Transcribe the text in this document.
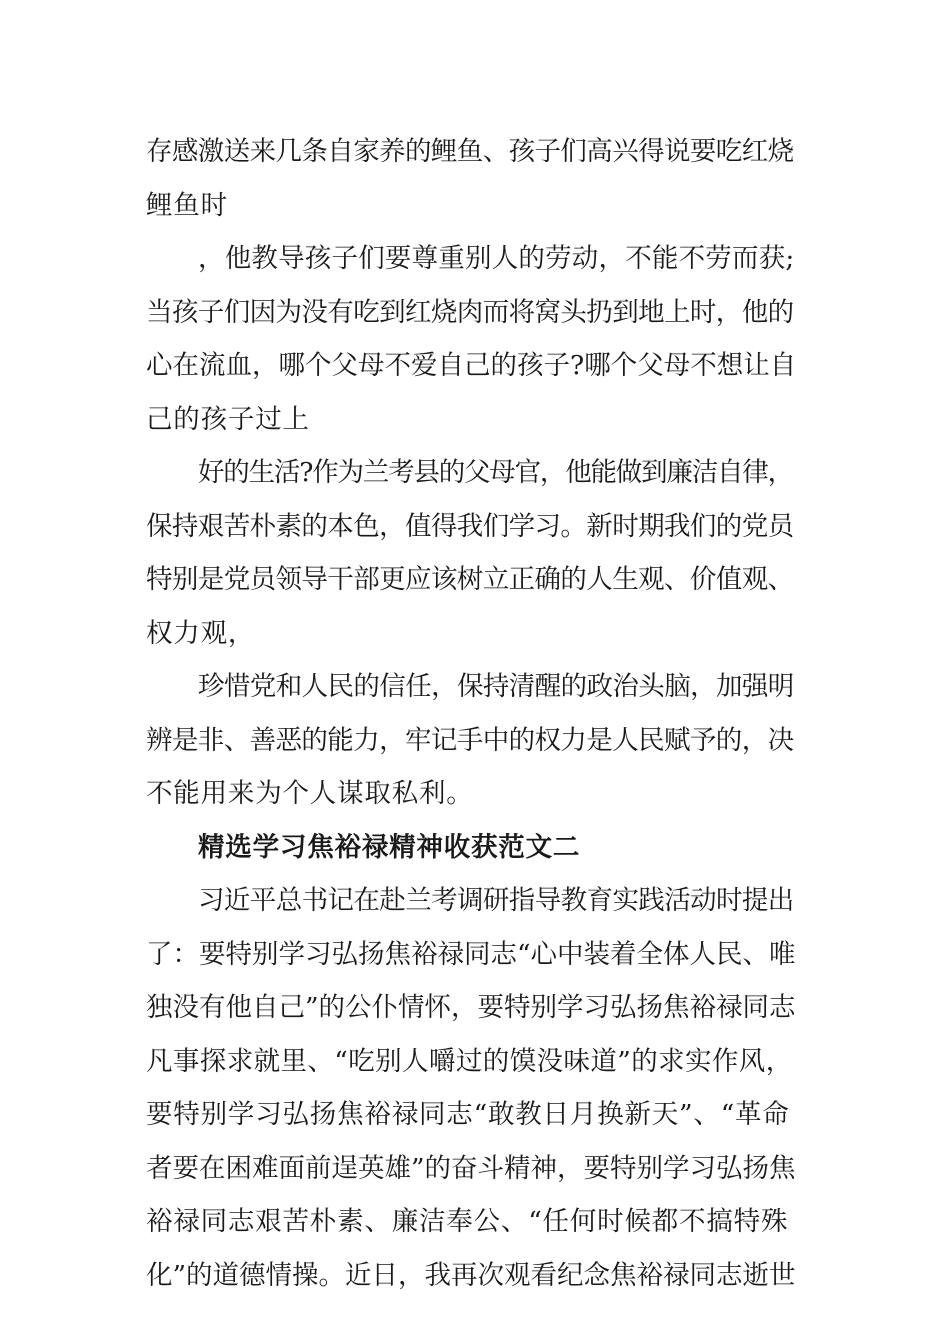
存感激送来几条自家养的鲤鱼、孩子们高兴得说要吃红烧
鲤鱼时
，他教导孩子们要尊重别人的劳动，不能不劳而获;
当孩子们因为没有吃到红烧肉而将窝头扔到地上时，他的
心在流血，哪个父母不爱自己的孩子?哪个父母不想让自
己的孩子过上
好的生活?作为兰考县的父母官，他能做到廉洁自律，
保持艰苦朴素的本色，值得我们学习。新时期我们的党员
特别是党员领导干部更应该树立正确的人生观、价值观、
权力观，
珍惜党和人民的信任，保持清醒的政治头脑，加强明
辨是非、善恶的能力，牢记手中的权力是人民赋予的，决
不能用来为个人谋取私利。
精选学习焦裕禄精神收获范文二
习近平总书记在赴兰考调研指导教育实践活动时提出
了：要特别学习弘扬焦裕禄同志“心中装着全体人民、唯
独没有他自己”的公仆情怀，要特别学习弘扬焦裕禄同志
凡事探求就里、“吃别人嚼过的馍没味道”的求实作风，
要特别学习弘扬焦裕禄同志“敢教日月换新天”、“革命
者要在困难面前逞英雄”的奋斗精神，要特别学习弘扬焦
裕禄同志艰苦朴素、廉洁奉公、“任何时候都不搞特殊
化”的道德情操。近日，我再次观看纪念焦裕禄同志逝世
